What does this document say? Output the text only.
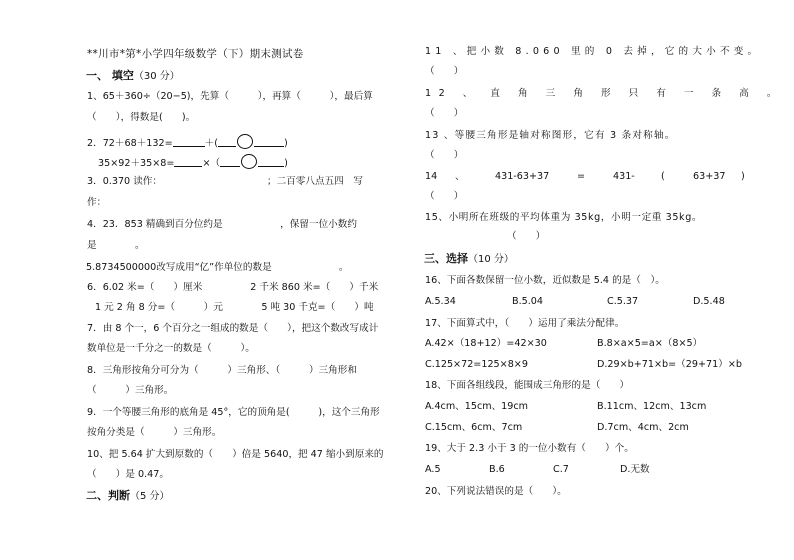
**川市*第*小学四年级数学（下）期末测试卷
一、 填空（30 分）
1、65＋360÷（20−5)，先算（　　　），再算（　　　），最后算
（　　），得数是(　　)。
2．72＋68＋132=	＋(	)
35×92＋35×8=	×（	)
3．0.370 读作：	；二百零八点五四　写
作：
4．23．853 精确到百分位约是　　　　　　，保留一位小数约
是　　　　。
5.8734500000改写成用“亿”作单位的数是　　　　　　　。
6．6.02 米=（　　）厘米　　　　　2 千米 860 米=（　　）千米
1 元 2 角 8 分=（　　　）元　　　　5 吨 30 千克=（　　）吨
7．由 8 个一，6 个百分之一组成的数是（　　），把这个数改写成计
数单位是一千分之一的数是（　　　）。
8．三角形按角分可分为（　　　）三角形、（　　　）三角形和
（　　　）三角形。
9．一个等腰三角形的底角是 45°，它的顶角是(　　　)，这个三角形
按角分类是（　　　）三角形。
10、把 5.64 扩大到原数的（　　）倍是 5640，把 47 缩小到原来的
（　　）是 0.47。
二、判断（5 分）
11 、把小数 8.060 里的 0 去掉，它的大小不变。
（　　）
12 、 直 角 三 角 形 只 有 一 条 高 。
（　　）
13 、等腰三角形是轴对称图形，它有 3 条对称轴。
（　　）
14 、	431-63+37	=	431-	(	63+37 )
（　　）
15、小明所在班级的平均体重为 35kg，小明一定重 35kg。
（　　）
三、选择（10 分）
16、下面各数保留一位小数，近似数是 5.4 的是（　）。
A.5.34	B.5.04	C.5.37	D.5.48
17、下面算式中，（　　）运用了乘法分配律。
A.42×（18+12）=42×30	B.8×a×5=a×（8×5）
C.125×72=125×8×9	D.29×b+71×b=（29+71）×b
18、下面各组线段，能围成三角形的是（　　）
A.4cm、15cm、19cm	B.11cm、12cm、13cm
C.15cm、6cm、7cm	D.7cm、4cm、2cm
19、大于 2.3 小于 3 的一位小数有（　　）个。
A.5	B.6	C.7	D.无数
20、下列说法错误的是（　　）。
